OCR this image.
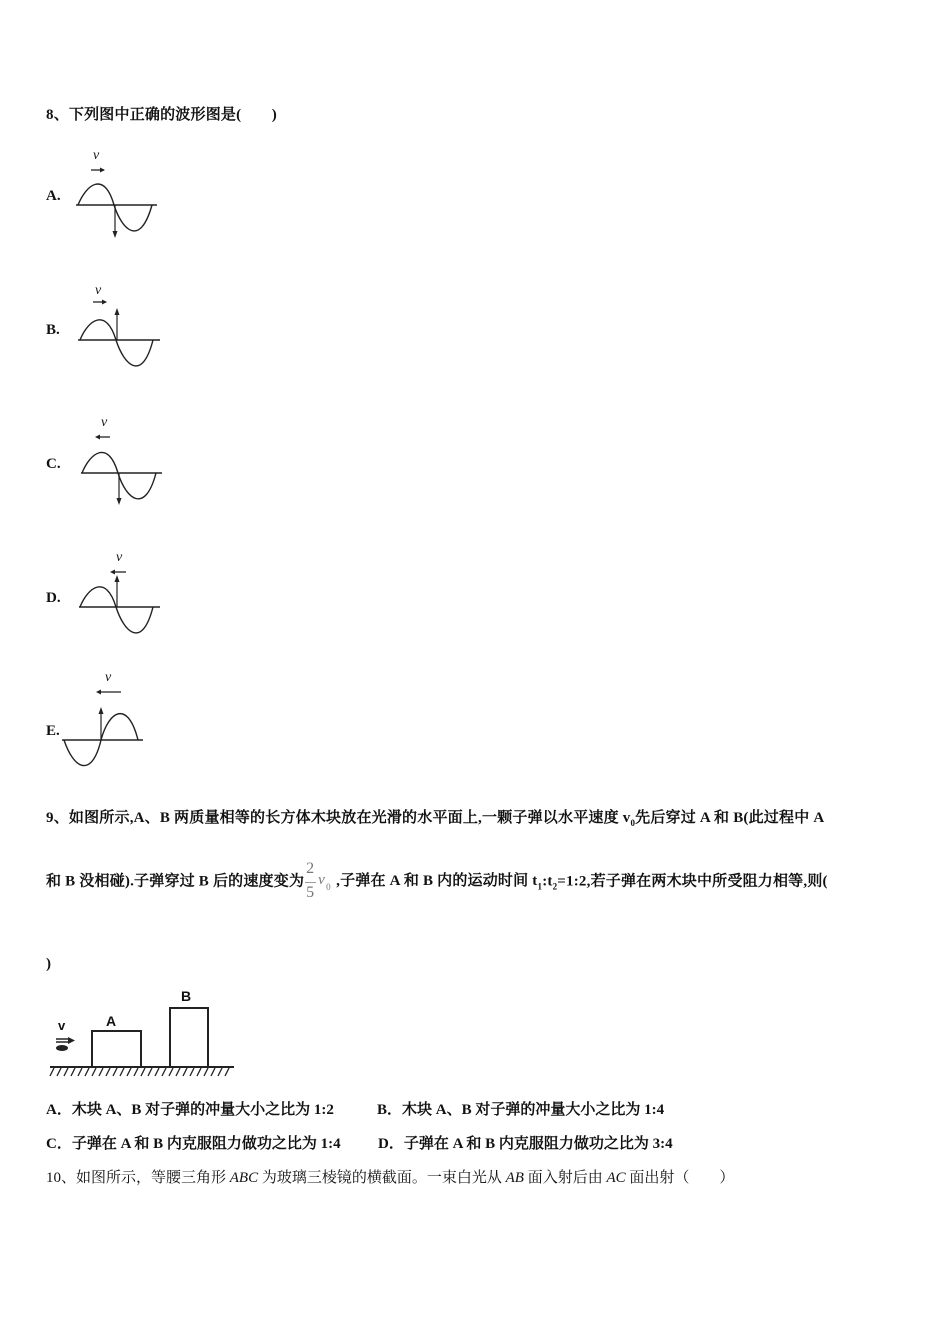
8、下列图中正确的波形图是(　　)
A.
v
B.
v
C.
v
D.
v
E.
v
9、如图所示,A、B 两质量相等的长方体木块放在光滑的水平面上,一颗子弹以水平速度 $v_0$先后穿过 A 和 B(此过程中 A
和 B 没相碰).子弹穿过 B 后的速度变为
2
5
v 0 ,子弹在 A 和 B 内的运动时间 $t_1:t_2=1:2$,若子弹在两木块中所受阻力相等,则(
)
v	A
B
A．木块 A、B 对子弹的冲量大小之比为 1:2	B．木块 A、B 对子弹的冲量大小之比为 1:4
C．子弹在 A 和 B 内克服阻力做功之比为 1:4 D．子弹在 A 和 B 内克服阻力做功之比为 3:4
10、如图所示，等腰三角形 ABC 为玻璃三棱镜的横截面。一束白光从 AB 面入射后由 AC 面出射（　　）
